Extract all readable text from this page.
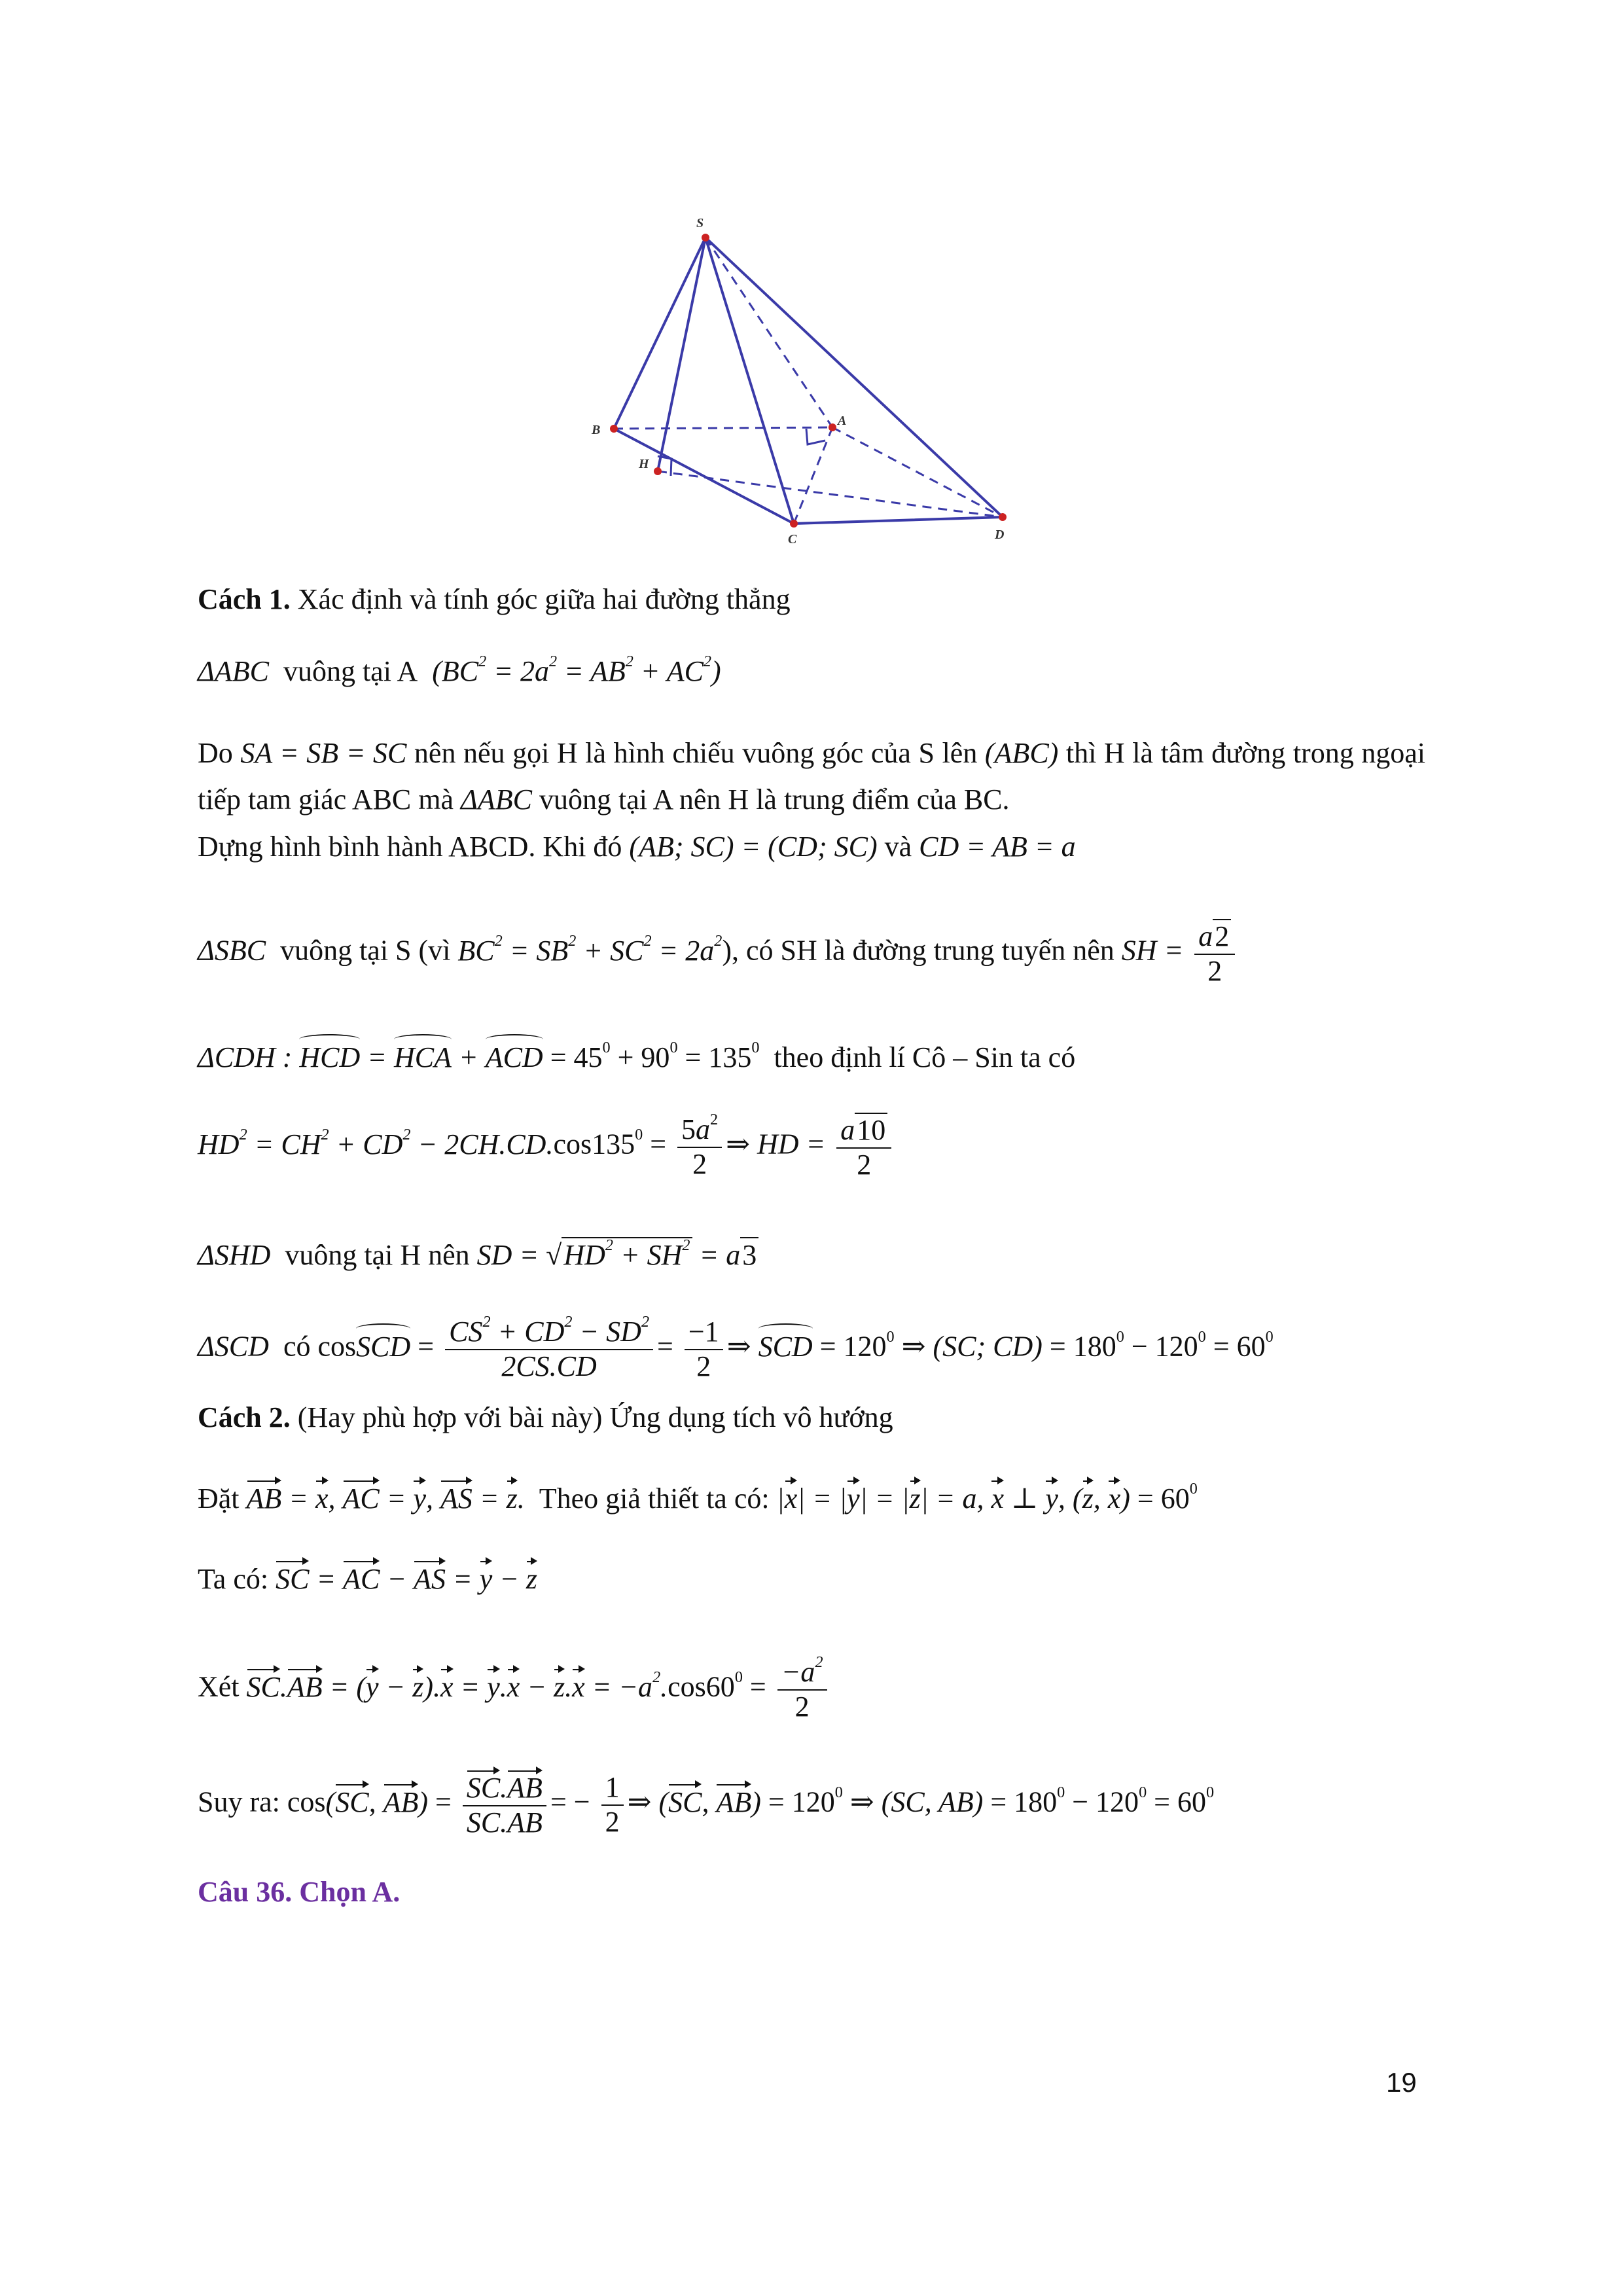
S
B
A
H
C	D
Cách 1. Xác định và tính góc giữa hai đường thẳng
ΔABC vuông tại A $(BC^2 = 2a^2 = AB^2 + AC^2)$
Do SA = SB = SC nên nếu gọi H là hình chiếu vuông góc của S lên (ABC) thì H là tâm đường trong ngoại tiếp tam giác ABC mà ΔABC vuông tại A nên H là trung điểm của BC.
Dựng hình bình hành ABCD. Khi đó (AB; SC) = (CD; SC) và CD = AB = a
ΔSBC vuông tại S (vì $BC^2 = SB^2 + SC^2 = 2a^2$), có SH là đường trung tuyến nên SH = $\frac{a2}{2}$
ΔCDH : HCD = HCA + ACD = $45^0 + 90^0 = 135^0$ theo định lí Cô – Sin ta có
$HD^2 = CH^2 + CD^2 - 2CH.CD.\cos 135^0 = \frac{5a^2}{2}$ ⇒ HD = $\frac{a10}{2}$
ΔSHD vuông tại H nên SD = $√HD^2 + SH^2 = a3$
ΔSCD có cosSCD = $\frac{CS^2 + CD^2 - SD^2}{2CS.CD} = \frac{-1}{2}$ ⇒ SCD = $120^0$ ⇒ (SC; $CD) = 180^0 - 120^0 = 60^0$
Cách 2. (Hay phù hợp với bài này) Ứng dụng tích vô hướng
Đặt AB = x, AC = y, AS = z. Theo giả thiết ta có: |x| = |y| = |z| = a, x ⊥ y, (z, $x) = 60^0$
Ta có: SC = AC − AS = y − z
Xét $SC.AB = (y - z).x = y.x - z.x = -a^2.\cos 60^0 = \frac{-a^2}{2}$
Suy ra: cos(SC, $AB) = \frac{SC.AB}{SC.AB}$ = − $\frac{1}{2}$ ⇒ (SC, $AB) = 120^0$ ⇒ (SC, $AB) = 180^0 - 120^0 = 60^0$
Câu 36. Chọn A.
19
